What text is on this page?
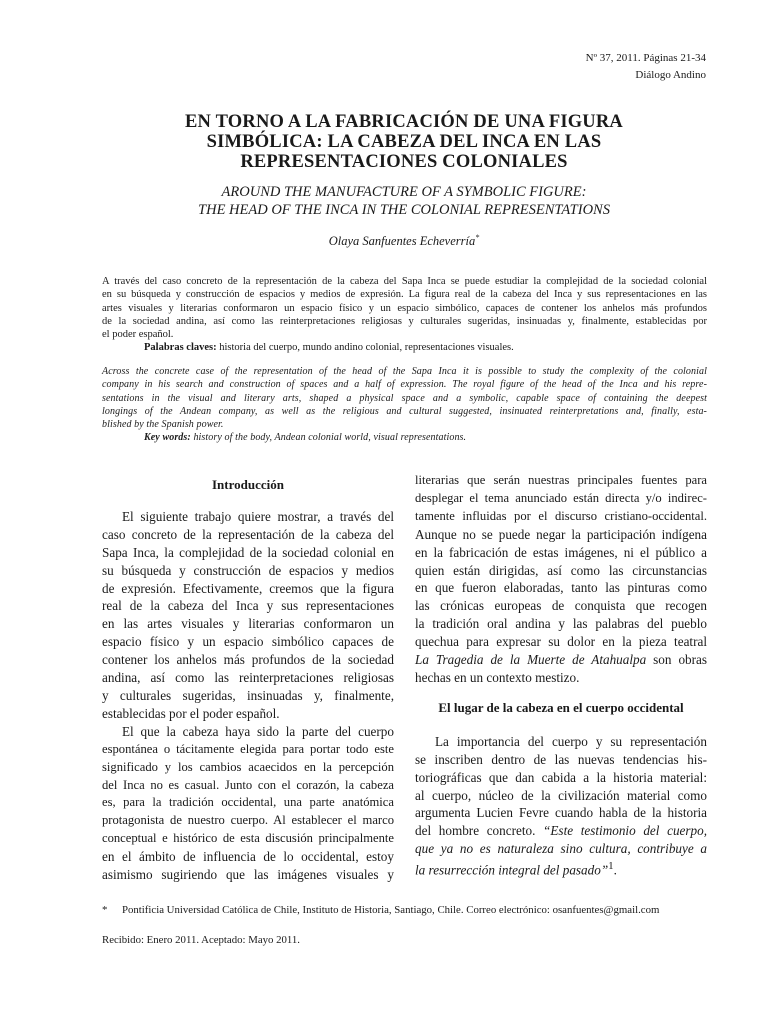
Nº 37, 2011. Páginas 21-34
Diálogo Andino
EN TORNO A LA FABRICACIÓN DE UNA FIGURA
SIMBÓLICA: LA CABEZA DEL INCA EN LAS
REPRESENTACIONES COLONIALES
AROUND THE MANUFACTURE OF A SYMBOLIC FIGURE:
THE HEAD OF THE INCA IN THE COLONIAL REPRESENTATIONS
Olaya Sanfuentes Echeverría*
A través del caso concreto de la representación de la cabeza del Sapa Inca se puede estudiar la complejidad de la sociedad colonial
en su búsqueda y construcción de espacios y medios de expresión. La figura real de la cabeza del Inca y sus representaciones en las
artes visuales y literarias conformaron un espacio físico y un espacio simbólico, capaces de contener los anhelos más profundos
de la sociedad andina, así como las reinterpretaciones religiosas y culturales sugeridas, insinuadas y, finalmente, establecidas por
el poder español.
Palabras claves: historia del cuerpo, mundo andino colonial, representaciones visuales.
Across the concrete case of the representation of the head of the Sapa Inca it is possible to study the complexity of the colonial
company in his search and construction of spaces and a half of expression. The royal figure of the head of the Inca and his repre-
sentations in the visual and literary arts, shaped a physical space and a symbolic, capable space of containing the deepest
longings of the Andean company, as well as the religious and cultural suggested, insinuated reinterpretations and, finally, esta-
blished by the Spanish power.
Key words: history of the body, Andean colonial world, visual representations.
Introducción
El siguiente trabajo quiere mostrar, a través del
caso concreto de la representación de la cabeza del
Sapa Inca, la complejidad de la sociedad colonial en
su búsqueda y construcción de espacios y medios
de expresión. Efectivamente, creemos que la figura
real de la cabeza del Inca y sus representaciones
en las artes visuales y literarias conformaron un
espacio físico y un espacio simbólico capaces de
contener los anhelos más profundos de la sociedad
andina, así como las reinterpretaciones religiosas
y culturales sugeridas, insinuadas y, finalmente,
establecidas por el poder español.
El que la cabeza haya sido la parte del cuerpo
espontánea o tácitamente elegida para portar todo este
significado y los cambios acaecidos en la percepción
del Inca no es casual. Junto con el corazón, la cabeza
es, para la tradición occidental, una parte anatómica
protagonista de nuestro cuerpo. Al establecer el marco
conceptual e histórico de esta discusión principalmente
en el ámbito de influencia de lo occidental, estoy
asimismo sugiriendo que las imágenes visuales y
literarias que serán nuestras principales fuentes para
desplegar el tema anunciado están directa y/o indirec-
tamente influidas por el discurso cristiano-occidental.
Aunque no se puede negar la participación indígena
en la fabricación de estas imágenes, ni el público a
quien están dirigidas, así como las circunstancias
en que fueron elaboradas, tanto las pinturas como
las crónicas europeas de conquista que recogen
la tradición oral andina y las palabras del pueblo
quechua para expresar su dolor en la pieza teatral
La Tragedia de la Muerte de Atahualpa son obras
hechas en un contexto mestizo.
El lugar de la cabeza en el cuerpo occidental
La importancia del cuerpo y su representación
se inscriben dentro de las nuevas tendencias his-
toriográficas que dan cabida a la historia material:
al cuerpo, núcleo de la civilización material como
argumenta Lucien Fevre cuando habla de la historia
del hombre concreto. “Este testimonio del cuerpo,
que ya no es naturaleza sino cultura, contribuye a
la resurrección integral del pasado”$^1$.
* Pontificia Universidad Católica de Chile, Instituto de Historia, Santiago, Chile. Correo electrónico: osanfuentes@gmail.com
Recibido: Enero 2011. Aceptado: Mayo 2011.
